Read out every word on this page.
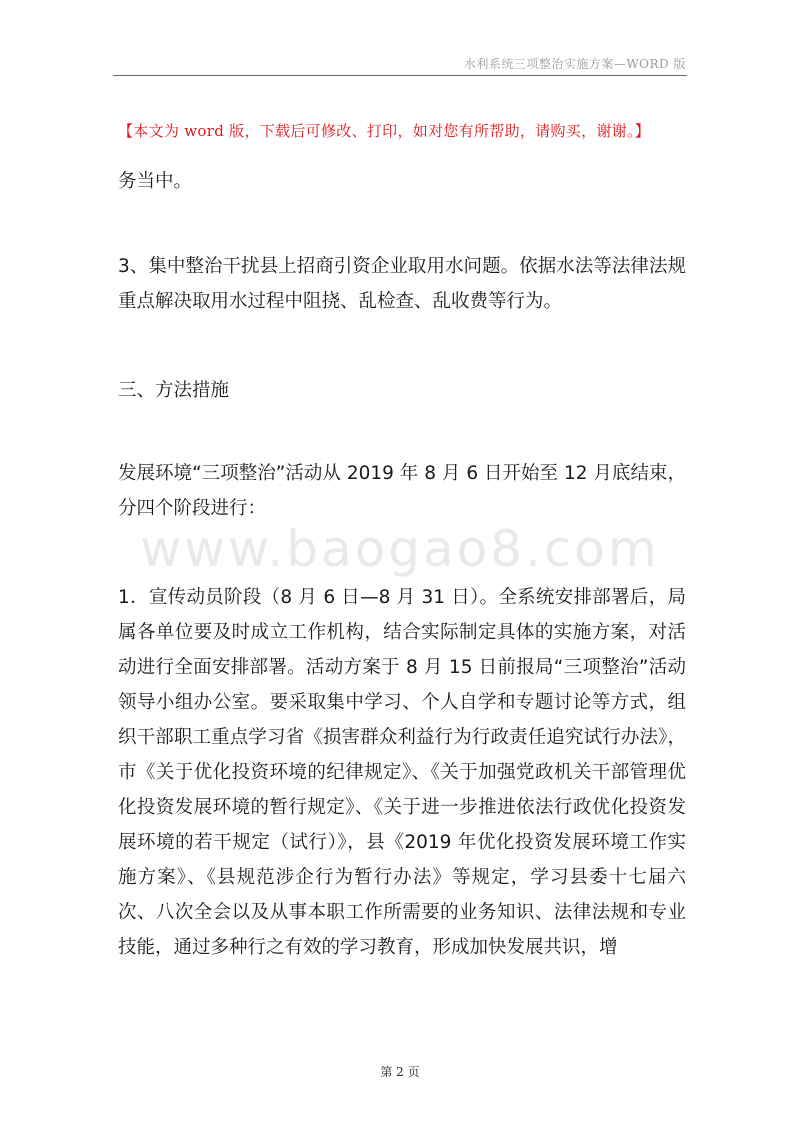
水利系统三项整治实施方案—WORD 版
【本文为 word 版，下载后可修改、打印，如对您有所帮助，请购买，谢谢。】
www.baogao8.com
务当中。
3、集中整治干扰县上招商引资企业取用水问题。依据水法等法律法规重点解决取用水过程中阻挠、乱检查、乱收费等行为。
三、方法措施
发展环境“三项整治”活动从 2019 年 8 月 6 日开始至 12 月底结束，分四个阶段进行：
1．宣传动员阶段（8 月 6 日—8 月 31 日）。全系统安排部署后，局属各单位要及时成立工作机构，结合实际制定具体的实施方案，对活动进行全面安排部署。活动方案于 8 月 15 日前报局“三项整治”活动领导小组办公室。要采取集中学习、个人自学和专题讨论等方式，组织干部职工重点学习省《损害群众利益行为行政责任追究试行办法》，市《关于优化投资环境的纪律规定》、《关于加强党政机关干部管理优化投资发展环境的暂行规定》、《关于进一步推进依法行政优化投资发展环境的若干规定（试行）》，县《2019 年优化投资发展环境工作实施方案》、《县规范涉企行为暂行办法》等规定，学习县委十七届六次、八次全会以及从事本职工作所需要的业务知识、法律法规和专业技能，通过多种行之有效的学习教育，形成加快发展共识，增
第 2 页
